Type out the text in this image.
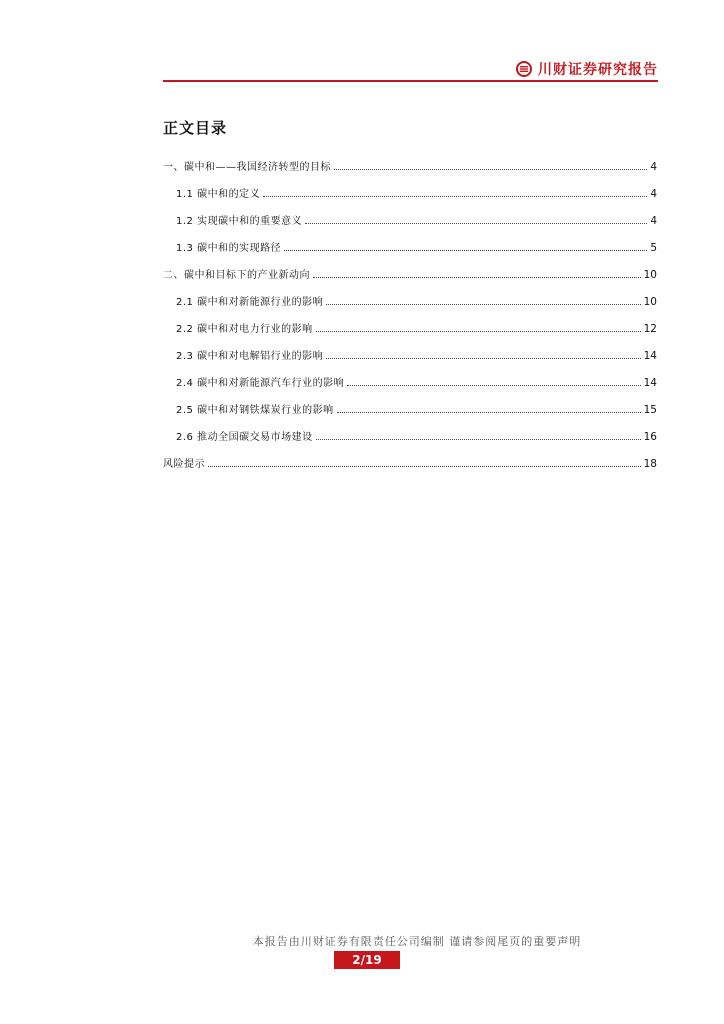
川财证券研究报告
正文目录
一、碳中和——我国经济转型的目标	4
1.1 碳中和的定义	4
1.2 实现碳中和的重要意义	4
1.3 碳中和的实现路径	5
二、碳中和目标下的产业新动向	10
2.1 碳中和对新能源行业的影响	10
2.2 碳中和对电力行业的影响	12
2.3 碳中和对电解铝行业的影响	14
2.4 碳中和对新能源汽车行业的影响	14
2.5 碳中和对钢铁煤炭行业的影响	15
2.6 推动全国碳交易市场建设	16
风险提示	18
本报告由川财证券有限责任公司编制 谨请参阅尾页的重要声明
2/19
